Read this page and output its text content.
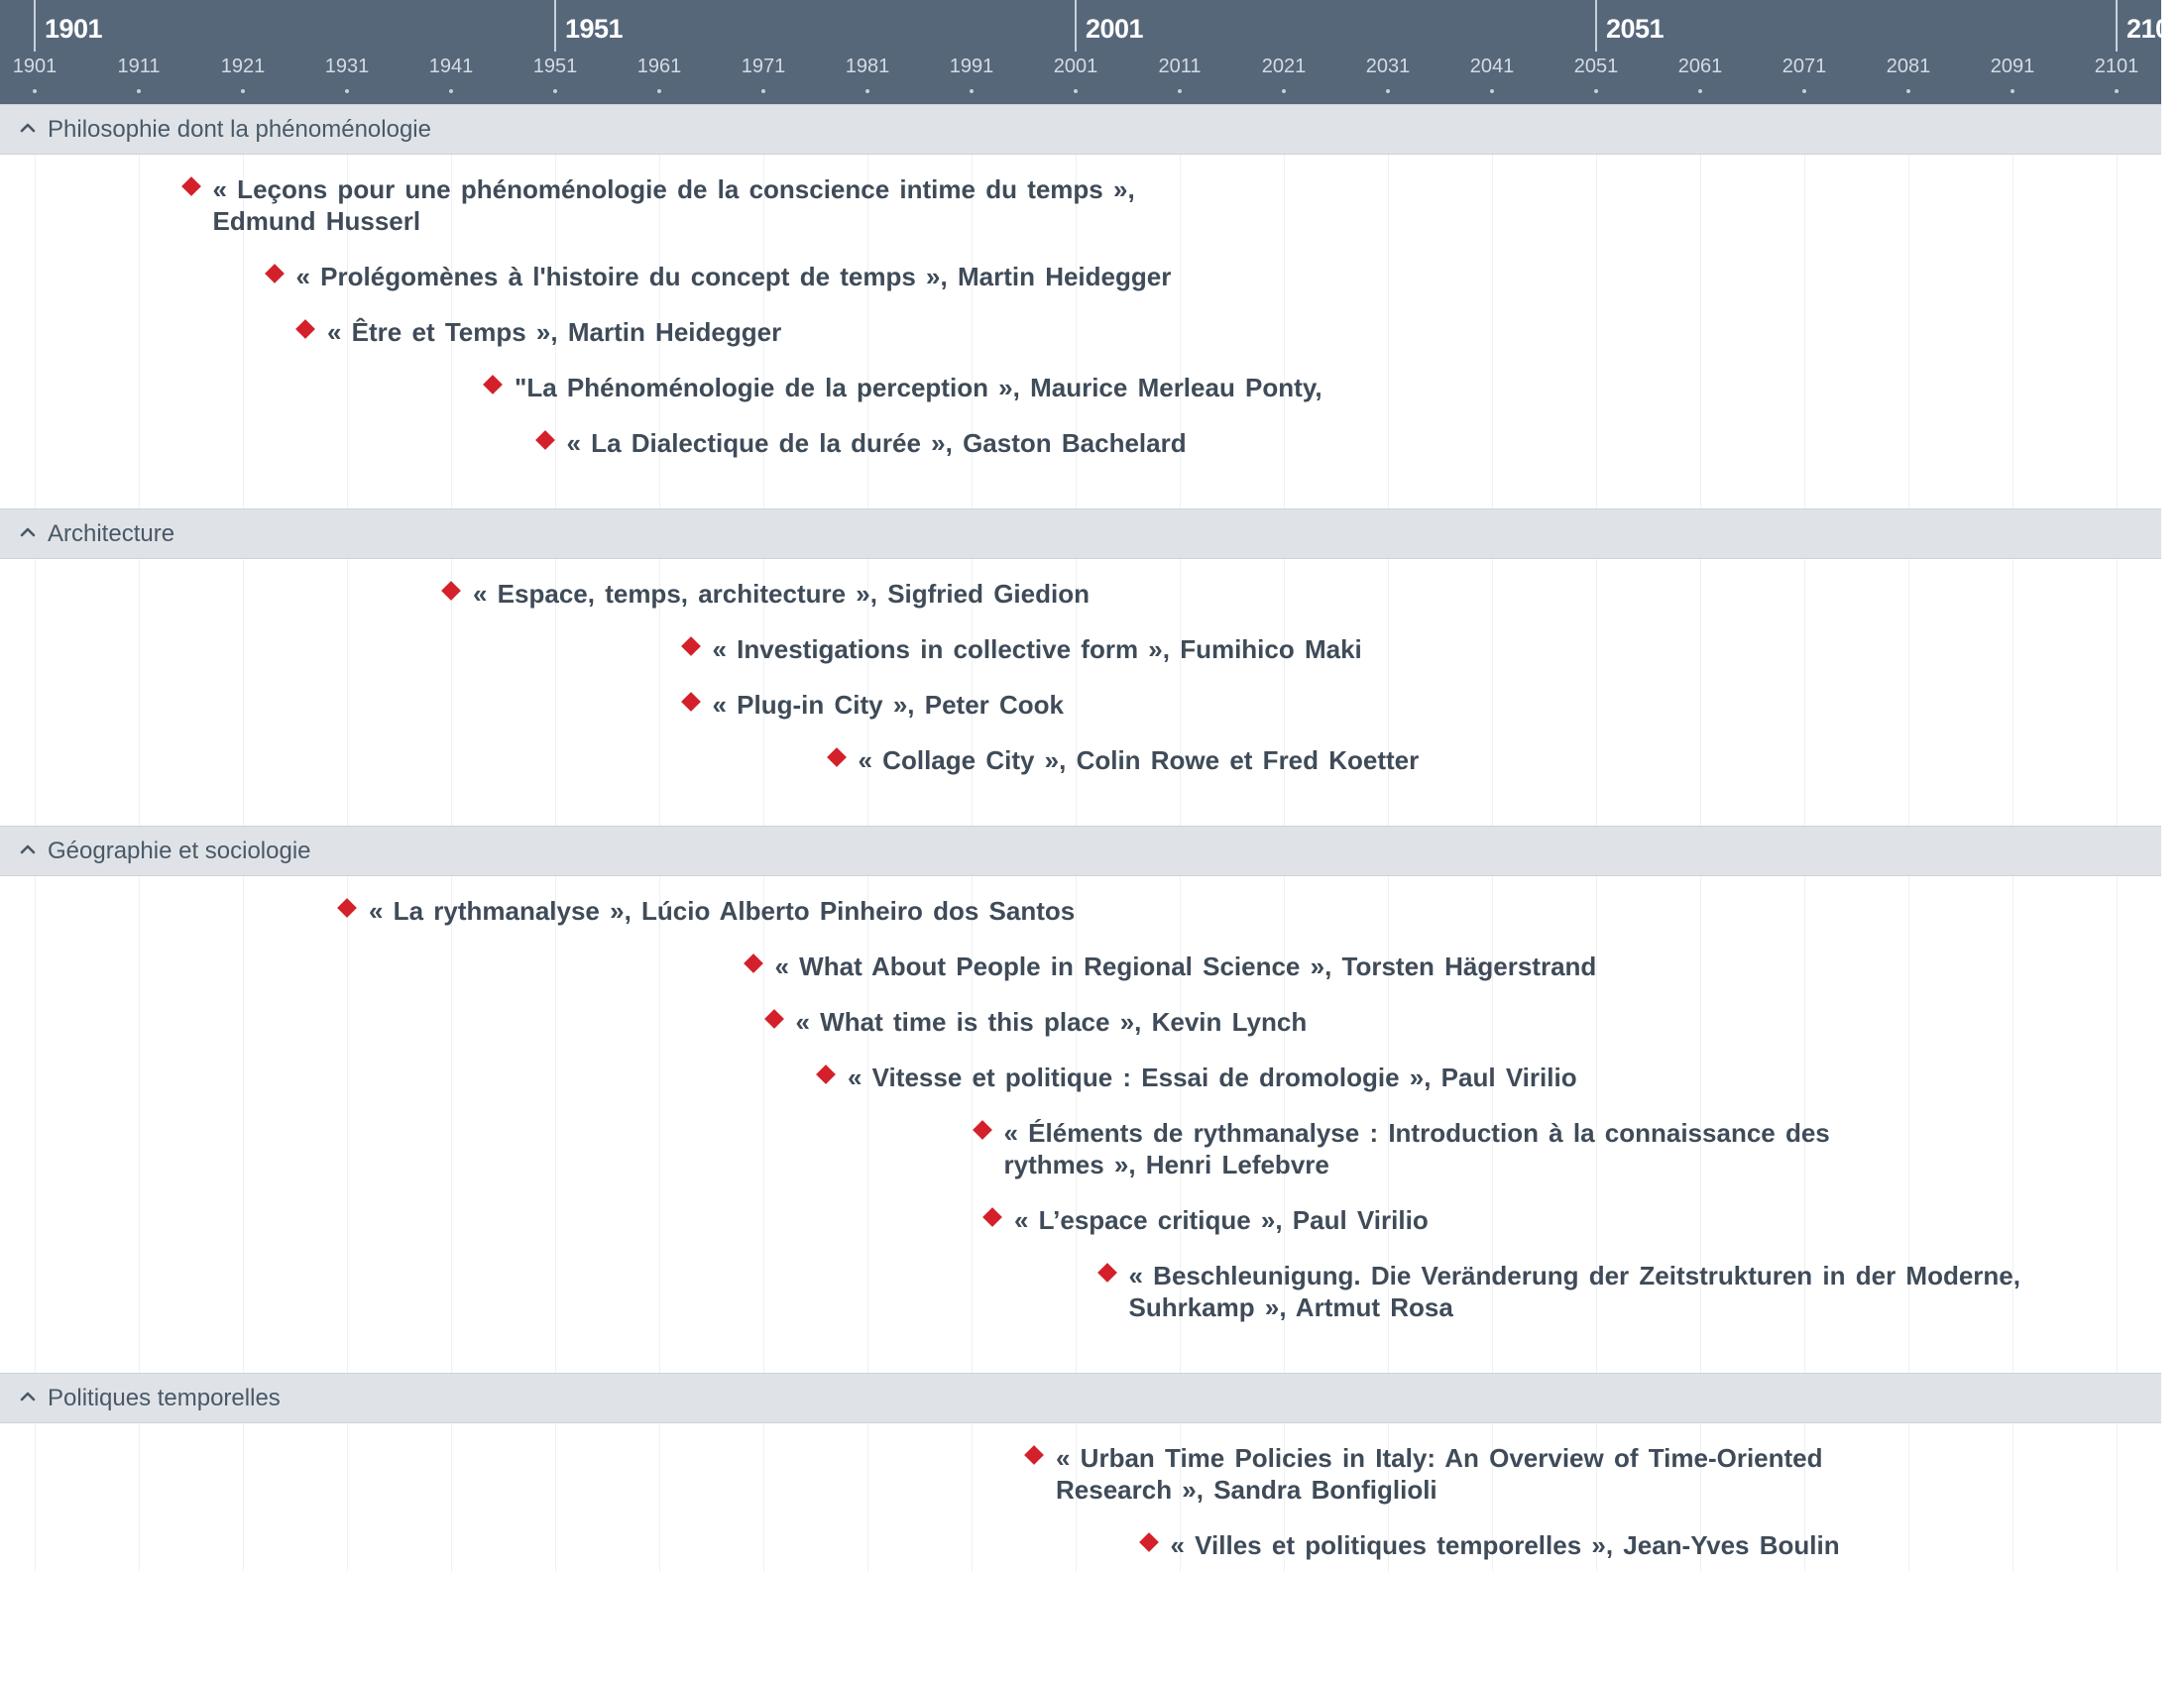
1901	1951	2001	2051	2101
1901	1911	1921	1931	1941	1951	1961	1971	1981	1991	2001	2011	2021	2031	2041	2051	2061	2071	2081	2091	2101
Philosophie dont la phénoménologie
« Leçons pour une phénoménologie de la conscience intime du temps »,
Edmund Husserl
« Prolégomènes à l'histoire du concept de temps », Martin Heidegger
« Être et Temps », Martin Heidegger
"La Phénoménologie de la perception », Maurice Merleau Ponty,
« La Dialectique de la durée », Gaston Bachelard
Architecture
« Espace, temps, architecture », Sigfried Giedion
« Investigations in collective form », Fumihico Maki
« Plug-in City », Peter Cook
« Collage City », Colin Rowe et Fred Koetter
Géographie et sociologie
« La rythmanalyse », Lúcio Alberto Pinheiro dos Santos
« What About People in Regional Science », Torsten Hägerstrand
« What time is this place », Kevin Lynch
« Vitesse et politique : Essai de dromologie », Paul Virilio
« Éléments de rythmanalyse : Introduction à la connaissance des
rythmes », Henri Lefebvre
« L’espace critique », Paul Virilio
« Beschleunigung. Die Veränderung der Zeitstrukturen in der Moderne,
Suhrkamp », Artmut Rosa
Politiques temporelles
« Urban Time Policies in Italy: An Overview of Time-Oriented
Research », Sandra Bonfiglioli
« Villes et politiques temporelles », Jean-Yves Boulin
